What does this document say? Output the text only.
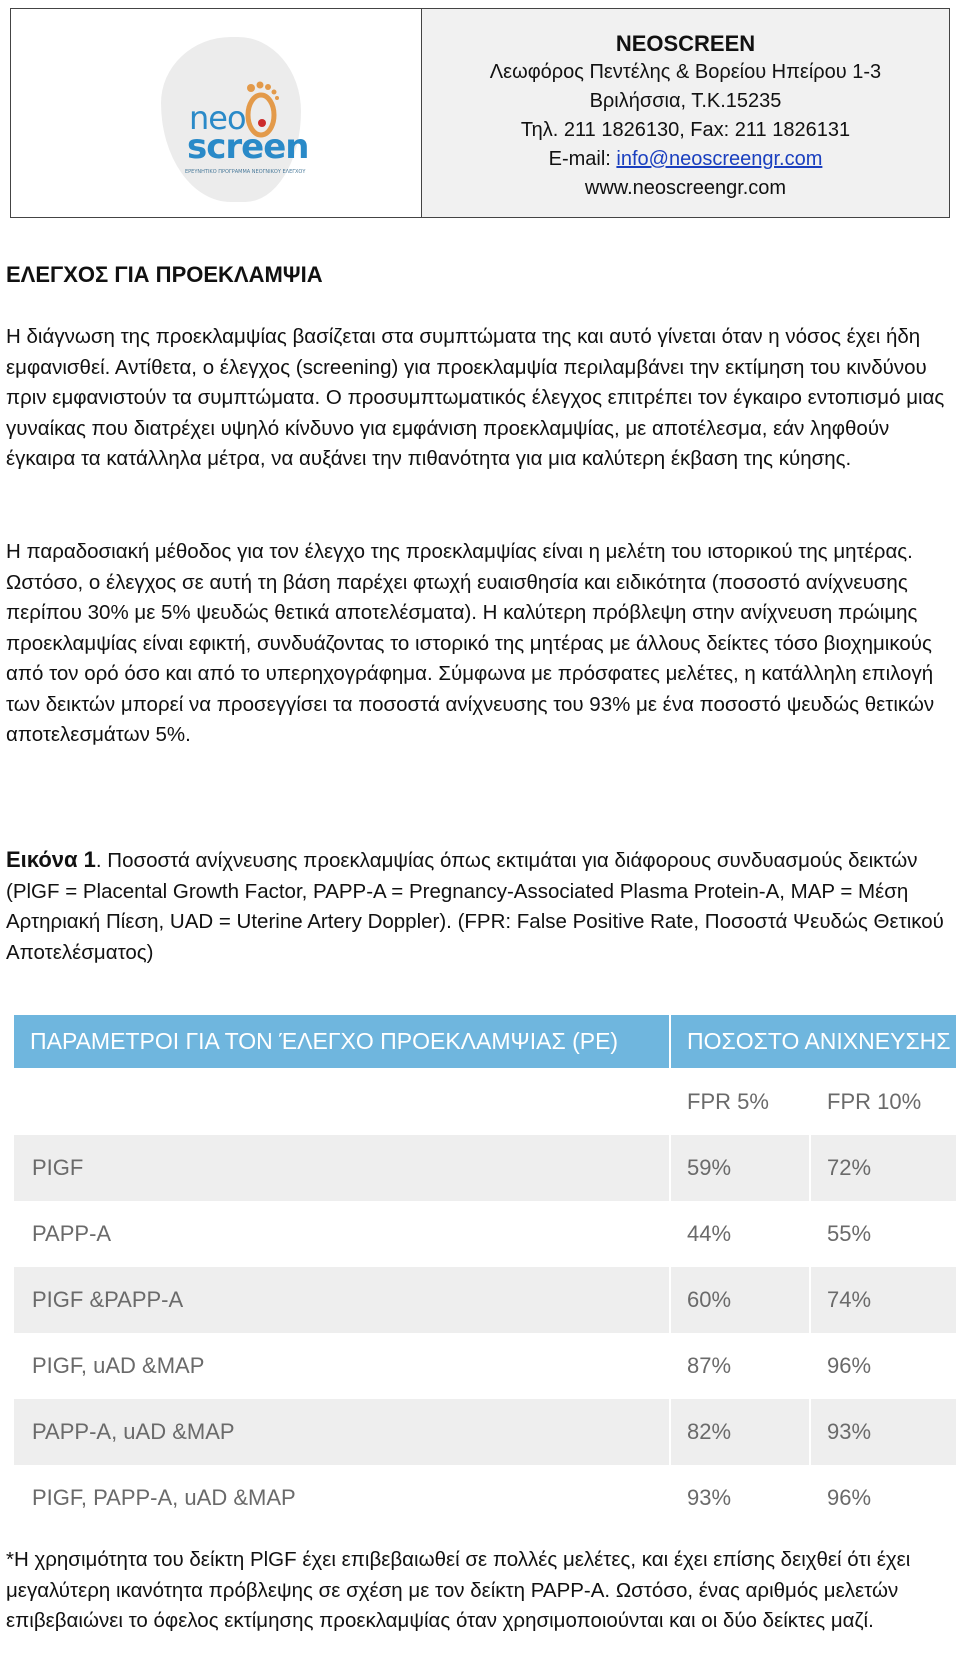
neo
screen
ΕΡΕΥΝΗΤΙΚΟ ΠΡΟΓΡΑΜΜΑ ΝΕΟΓΝΙΚΟΥ ΕΛΕΓΧΟΥ
NEOSCREEN
Λεωφόρος Πεντέλης & Βορείου Ηπείρου 1-3
Βριλήσσια, Τ.Κ.15235
Τηλ. 211 1826130, Fax: 211 1826131
E-mail: info@neoscreengr.com
www.neoscreengr.com
ΕΛΕΓΧΟΣ ΓΙΑ ΠΡΟΕΚΛΑΜΨΙΑ

Η διάγνωση της προεκλαμψίας βασίζεται στα συμπτώματα της και αυτό γίνεται όταν η νόσος έχει ήδη εμφανισθεί. Αντίθετα, ο έλεγχος (screening) για προεκλαμψία περιλαμβάνει την εκτίμηση του κινδύνου πριν εμφανιστούν τα συμπτώματα. Ο προσυμπτωματικός έλεγχος επιτρέπει τον έγκαιρο εντοπισμό μιας γυναίκας που διατρέχει υψηλό κίνδυνο για εμφάνιση προεκλαμψίας, με αποτέλεσμα, εάν ληφθούν έγκαιρα τα κατάλληλα μέτρα, να αυξάνει την πιθανότητα για μια καλύτερη έκβαση της κύησης.

Η παραδοσιακή μέθοδος για τον έλεγχο της προεκλαμψίας είναι η μελέτη του ιστορικού της μητέρας. Ωστόσο, ο έλεγχος σε αυτή τη βάση παρέχει φτωχή ευαισθησία και ειδικότητα (ποσοστό ανίχνευσης περίπου 30% με 5% ψευδώς θετικά αποτελέσματα). Η καλύτερη πρόβλεψη στην ανίχνευση πρώιμης προεκλαμψίας είναι εφικτή, συνδυάζοντας το ιστορικό της μητέρας με άλλους δείκτες τόσο βιοχημικούς από τον ορό όσο και από το υπερηχογράφημα. Σύμφωνα με πρόσφατες μελέτες, η κατάλληλη επιλογή των δεικτών μπορεί να προσεγγίσει τα ποσοστά ανίχνευσης του 93% με ένα ποσοστό ψευδώς θετικών αποτελεσμάτων 5%.

Εικόνα 1. Ποσοστά ανίχνευσης προεκλαμψίας όπως εκτιμάται για διάφορους συνδυασμούς δεικτών (PlGF = Placental Growth Factor, PAPP-A = Pregnancy-Associated Plasma Protein-A, MAP = Μέση Αρτηριακή Πίεση, UAD = Uterine Artery Doppler). (FPR: False Positive Rate, Ποσοστά Ψευδώς Θετικού Αποτελέσματος)

ΠΑΡΑΜΕΤΡΟΙ ΓΙΑ ΤΟΝ ΈΛΕΓΧΟ ΠΡΟΕΚΛΑΜΨΙΑΣ (PE)	ΠΟΣΟΣΤΟ ΑΝΙΧΝΕΥΣΗΣ	
	FPR 5%	FPR 10%
PIGF	59%	72%
PAPP-A	44%	55%
PIGF &PAPP-A	60%	74%
PIGF, uAD &MAP	87%	96%
PAPP-A, uAD &MAP	82%	93%
PIGF, PAPP-A, uAD &MAP	93%	96%

*Η χρησιμότητα του δείκτη PlGF έχει επιβεβαιωθεί σε πολλές μελέτες, και έχει επίσης δειχθεί ότι έχει μεγαλύτερη ικανότητα πρόβλεψης σε σχέση με τον δείκτη PAPP-A. Ωστόσο, ένας αριθμός μελετών επιβεβαιώνει το όφελος εκτίμησης προεκλαμψίας όταν χρησιμοποιούνται και οι δύο δείκτες μαζί.
